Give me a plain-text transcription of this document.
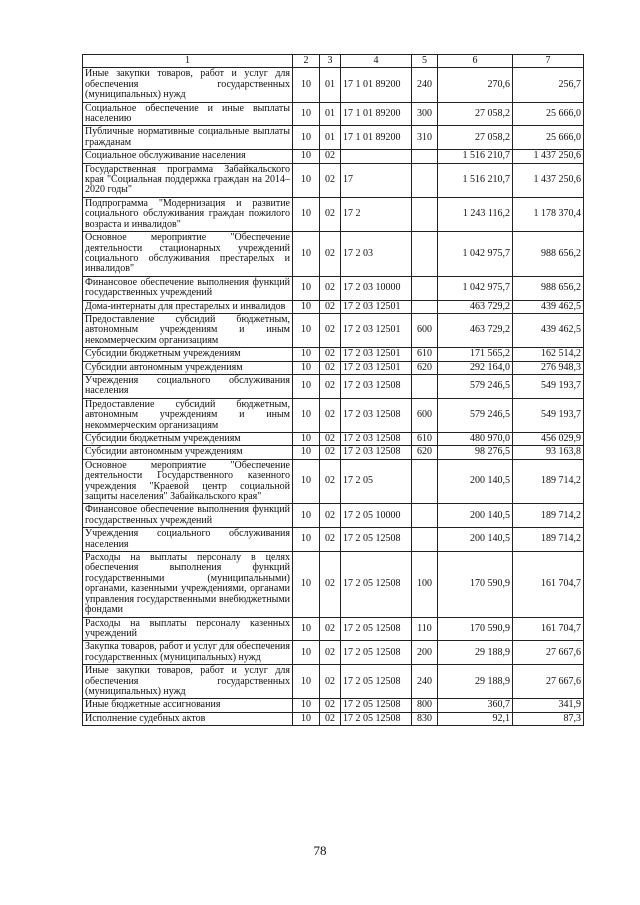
1	2	3	4	5	6	7
Иные закупки товаров, работ и услуг для обеспечения государственных (муниципальных) нужд	10	01	17 1 01 89200	240	270,6	256,7
Социальное обеспечение и иные выплаты населению	10	01	17 1 01 89200	300	27 058,2	25 666,0
Публичные нормативные социальные выплаты гражданам	10	01	17 1 01 89200	310	27 058,2	25 666,0
Социальное обслуживание населения	10	02			1 516 210,7	1 437 250,6
Государственная программа Забайкальского края "Социальная поддержка граждан на 2014–2020 годы"	10	02	17		1 516 210,7	1 437 250,6
Подпрограмма "Модернизация и развитие социального обслуживания граждан пожилого возраста и инвалидов"	10	02	17 2		1 243 116,2	1 178 370,4
Основное мероприятие "Обеспечение деятельности стационарных учреждений социального обслуживания престарелых и инвалидов"	10	02	17 2 03		1 042 975,7	988 656,2
Финансовое обеспечение выполнения функций государственных учреждений	10	02	17 2 03 10000		1 042 975,7	988 656,2
Дома-интернаты для престарелых и инвалидов	10	02	17 2 03 12501		463 729,2	439 462,5
Предоставление субсидий бюджетным, автономным учреждениям и иным некоммерческим организациям	10	02	17 2 03 12501	600	463 729,2	439 462,5
Субсидии бюджетным учреждениям	10	02	17 2 03 12501	610	171 565,2	162 514,2
Субсидии автономным учреждениям	10	02	17 2 03 12501	620	292 164,0	276 948,3
Учреждения социального обслуживания населения	10	02	17 2 03 12508		579 246,5	549 193,7
Предоставление субсидий бюджетным, автономным учреждениям и иным некоммерческим организациям	10	02	17 2 03 12508	600	579 246,5	549 193,7
Субсидии бюджетным учреждениям	10	02	17 2 03 12508	610	480 970,0	456 029,9
Субсидии автономным учреждениям	10	02	17 2 03 12508	620	98 276,5	93 163,8
Основное мероприятие "Обеспечение деятельности Государственного казенного учреждения "Краевой центр социальной защиты населения" Забайкальского края"	10	02	17 2 05		200 140,5	189 714,2
Финансовое обеспечение выполнения функций государственных учреждений	10	02	17 2 05 10000		200 140,5	189 714,2
Учреждения социального обслуживания населения	10	02	17 2 05 12508		200 140,5	189 714,2
Расходы на выплаты персоналу в целях обеспечения выполнения функций государственными (муниципальными) органами, казенными учреждениями, органами управления государственными внебюджетными фондами	10	02	17 2 05 12508	100	170 590,9	161 704,7
Расходы на выплаты персоналу казенных учреждений	10	02	17 2 05 12508	110	170 590,9	161 704,7
Закупка товаров, работ и услуг для обеспечения государственных (муниципальных) нужд	10	02	17 2 05 12508	200	29 188,9	27 667,6
Иные закупки товаров, работ и услуг для обеспечения государственных (муниципальных) нужд	10	02	17 2 05 12508	240	29 188,9	27 667,6
Иные бюджетные ассигнования	10	02	17 2 05 12508	800	360,7	341,9
Исполнение судебных актов	10	02	17 2 05 12508	830	92,1	87,3
78
